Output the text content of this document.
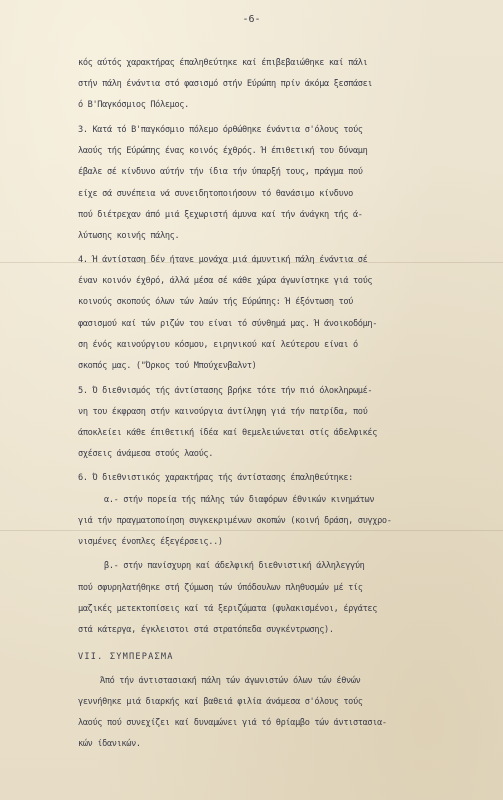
-6-
κός αύτός χαρακτήρας έπαληθεύτηκε καί έπιβεβαιώθηκε καί πάλι
στήν πάλη ένάντια στό φασισμό στήν Εύρώπη πρίν άκόμα ξεσπάσει
ό Β'Παγκόσμιος Πόλεμος.
3. Κατά τό Β'παγκόσμιο πόλεμο όρθώθηκε ένάντια σ'όλους τούς
λαούς τής Εύρώπης ένας κοινός έχθρός. Ή έπιθετική του δύναμη
έβαλε σέ κίνδυνο αύτήν τήν ίδια τήν ύπαρξή τους, πράγμα πού
είχε σά συνέπεια νά συνειδητοποιήσουν τό θανάσιμο κίνδυνο
πού διέτρεχαν άπό μιά ξεχωριστή άμυνα καί τήν άνάγκη τής ά-
λύτωσης κοινής πάλης.
4. Ή άντίσταση δέν ήτανε μονάχα μιά άμυντική πάλη ένάντια σέ
έναν κοινόν έχθρό, άλλά μέσα σέ κάθε χώρα άγωνίστηκε γιά τούς
κοινούς σκοπούς όλων τών λαών τής Εύρώπης: Ή έξόντωση τού
φασισμού καί τών ριζών του είναι τό σύνθημά μας. Ή άνοικοδόμη-
ση ένός καινούργιου κόσμου, ειρηνικού καί λεύτερου είναι ό
σκοπός μας. ("Όρκος τού Μπούχενβαλντ)
5. Ό διεθνισμός τής άντίστασης βρήκε τότε τήν πιό όλοκληρωμέ-
νη του έκφραση στήν καινούργια άντίληψη γιά τήν πατρίδα, πού
άποκλείει κάθε έπιθετική ίδέα καί θεμελειώνεται στίς άδελφικές
σχέσεις άνάμεσα στούς λαούς.
6. Ό διεθνιστικός χαρακτήρας τής άντίστασης έπαληθεύτηκε:
α.- στήν πορεία τής πάλης τών διαφόρων έθνικών κινημάτων
γιά τήν πραγματοποίηση συγκεκριμένων σκοπών (κοινή δράση, συγχρο-
νισμένες ένοπλες έξεγέρσεις..)
β.- στήν πανίσχυρη καί άδελφική διεθνιστική άλληλεγγύη
πού σφυρηλατήθηκε στή ζύμωση τών ύπόδουλων πληθυσμών μέ τίς
μαζικές μετεκτοπίσεις καί τά ξεριζώματα (φυλακισμένοι, έργάτες
στά κάτεργα, έγκλειστοι στά στρατόπεδα συγκέντρωσης).
VII. ΣΥΜΠΕΡΑΣΜΑ
Άπό τήν άντιστασιακή πάλη τών άγωνιστών όλων τών έθνών
γεννήθηκε μιά διαρκής καί βαθειά φιλία άνάμεσα σ'όλους τούς
λαούς πού συνεχίζει καί δυναμώνει γιά τό θρίαμβο τών άντιστασια-
κών ίδανικών.
